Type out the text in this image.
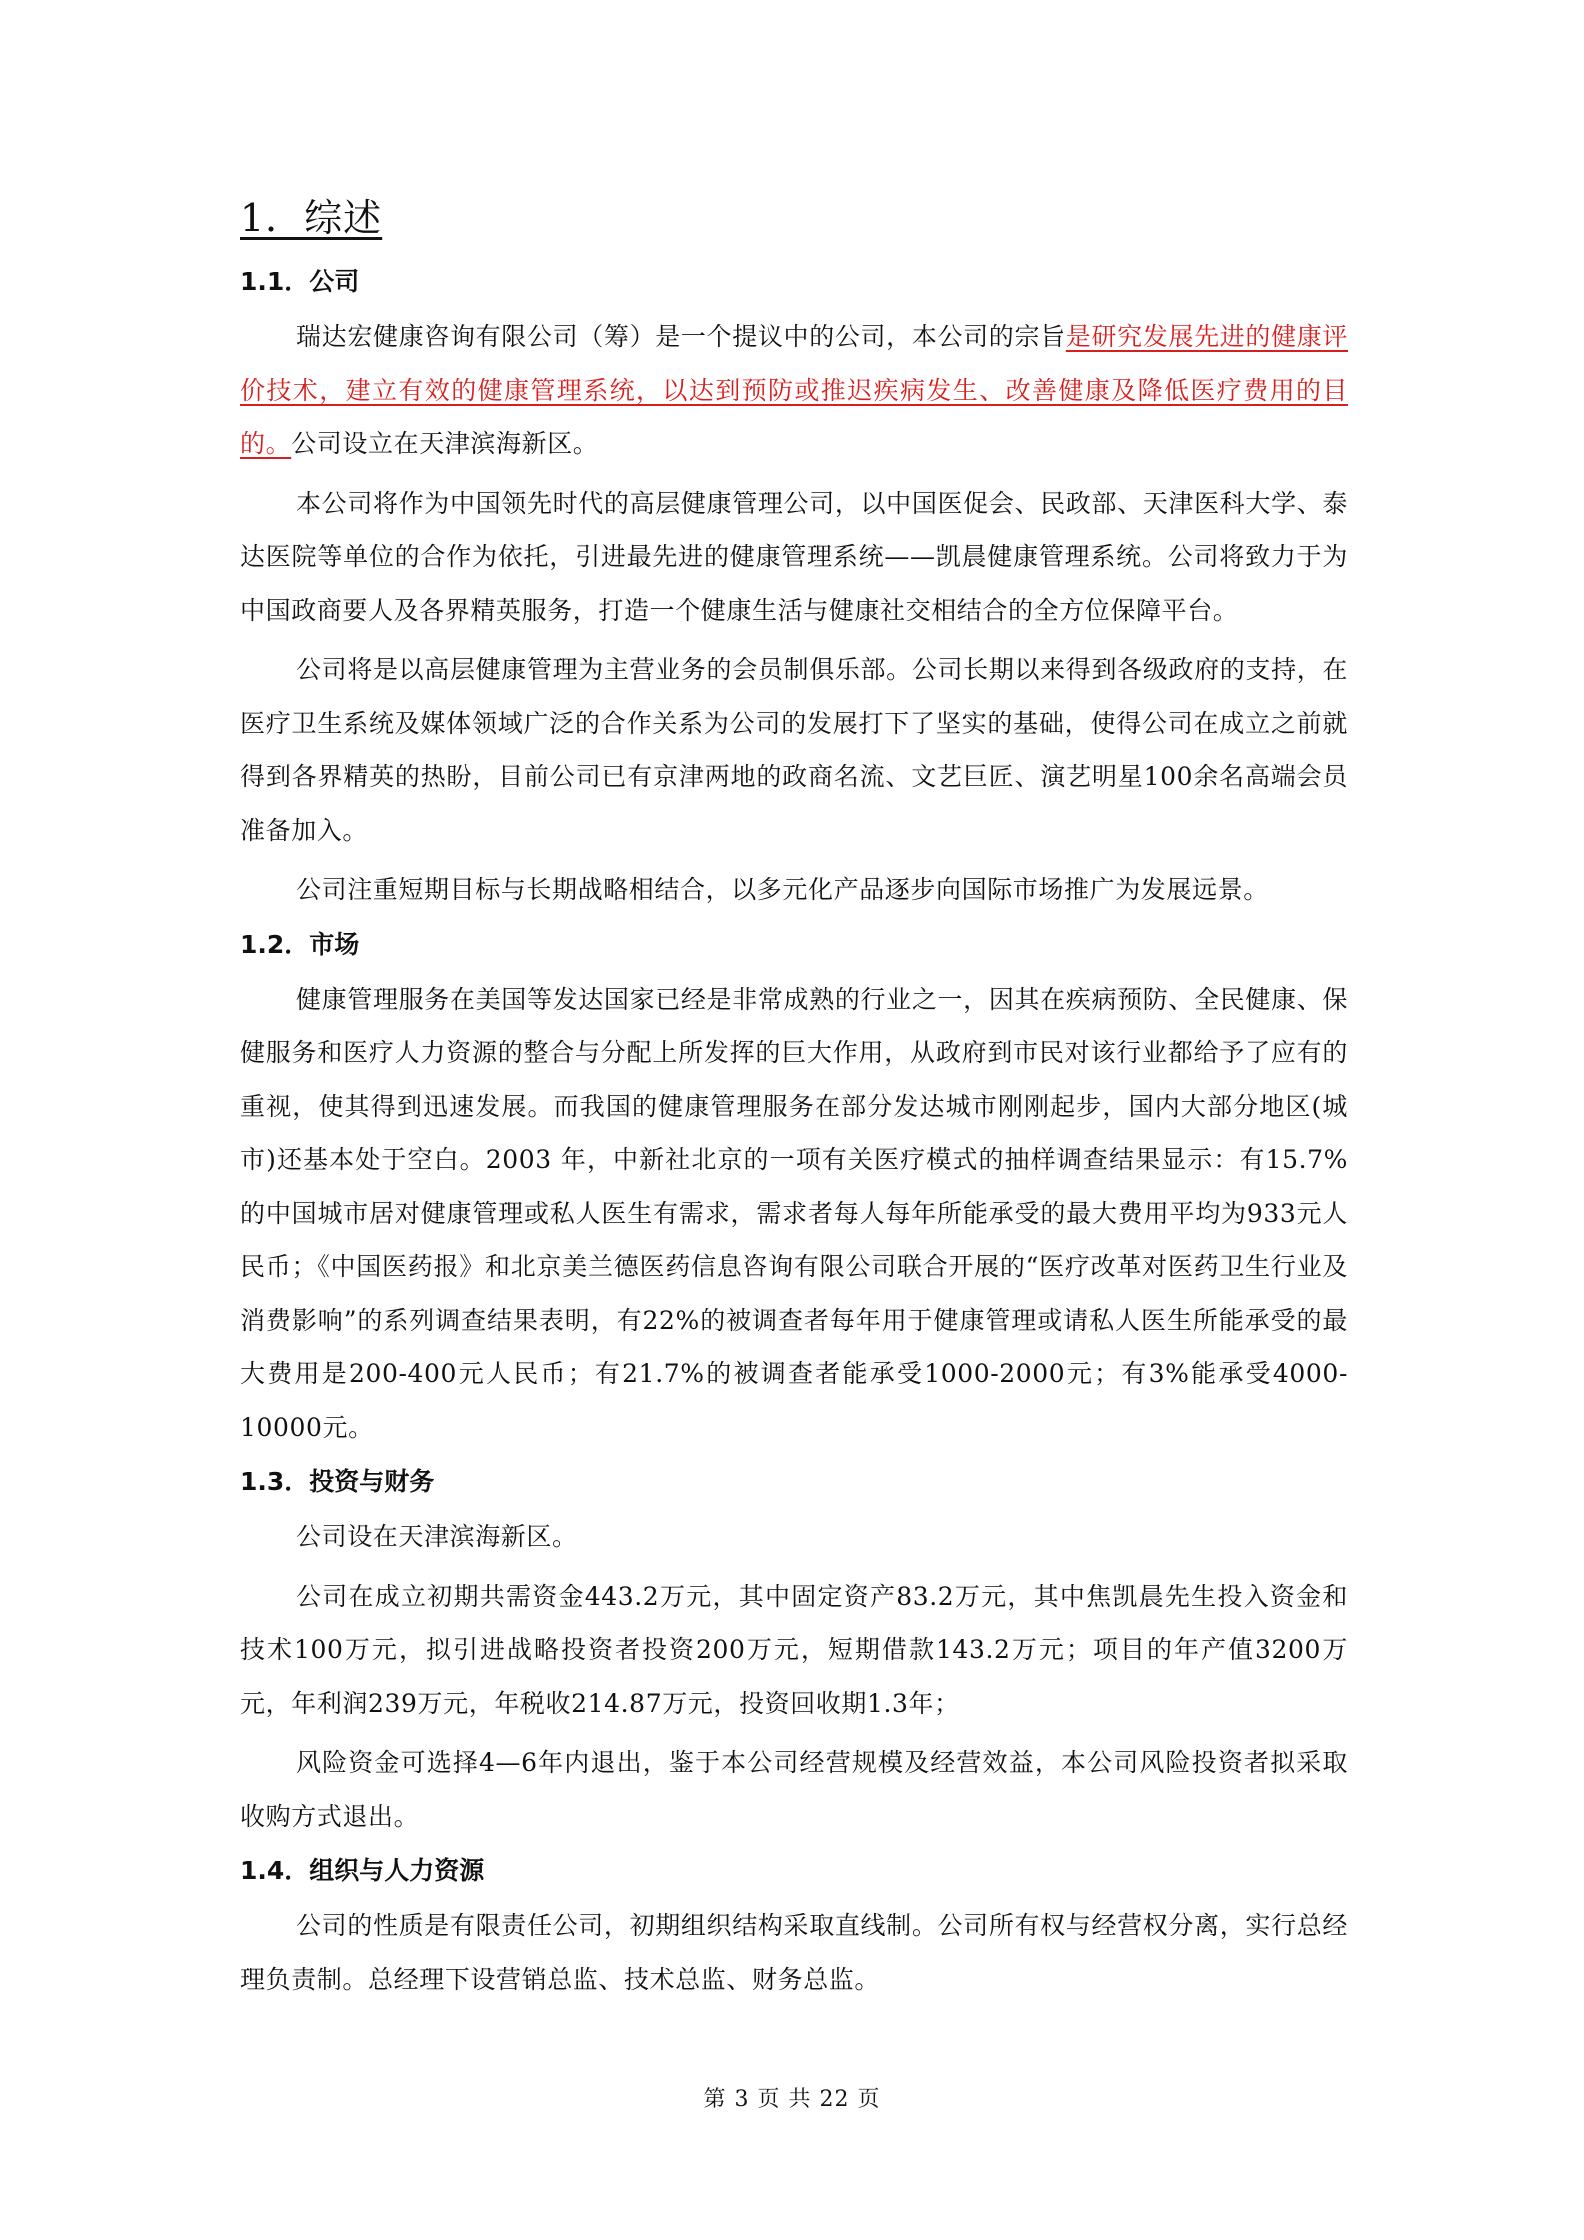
1．综述
1.1．公司

瑞达宏健康咨询有限公司（筹）是一个提议中的公司，本公司的宗旨是研究发展先进的健康评价技术，建立有效的健康管理系统，以达到预防或推迟疾病发生、改善健康及降低医疗费用的目的。公司设立在天津滨海新区。

本公司将作为中国领先时代的高层健康管理公司，以中国医促会、民政部、天津医科大学、泰达医院等单位的合作为依托，引进最先进的健康管理系统——凯晨健康管理系统。公司将致力于为中国政商要人及各界精英服务，打造一个健康生活与健康社交相结合的全方位保障平台。

公司将是以高层健康管理为主营业务的会员制俱乐部。公司长期以来得到各级政府的支持，在医疗卫生系统及媒体领域广泛的合作关系为公司的发展打下了坚实的基础，使得公司在成立之前就得到各界精英的热盼，目前公司已有京津两地的政商名流、文艺巨匠、演艺明星100余名高端会员准备加入。

公司注重短期目标与长期战略相结合，以多元化产品逐步向国际市场推广为发展远景。

1.2．市场

健康管理服务在美国等发达国家已经是非常成熟的行业之一，因其在疾病预防、全民健康、保健服务和医疗人力资源的整合与分配上所发挥的巨大作用，从政府到市民对该行业都给予了应有的重视，使其得到迅速发展。而我国的健康管理服务在部分发达城市刚刚起步，国内大部分地区(城市)还基本处于空白。2003 年，中新社北京的一项有关医疗模式的抽样调查结果显示：有15.7%的中国城市居对健康管理或私人医生有需求，需求者每人每年所能承受的最大费用平均为933元人民币；《中国医药报》和北京美兰德医药信息咨询有限公司联合开展的“医疗改革对医药卫生行业及消费影响”的系列调查结果表明，有22%的被调查者每年用于健康管理或请私人医生所能承受的最大费用是200-400元人民币；有21.7%的被调查者能承受1000-2000元；有3%能承受4000-10000元。

1.3．投资与财务

公司设在天津滨海新区。

公司在成立初期共需资金443.2万元，其中固定资产83.2万元，其中焦凯晨先生投入资金和技术100万元，拟引进战略投资者投资200万元，短期借款143.2万元；项目的年产值3200万元，年利润239万元，年税收214.87万元，投资回收期1.3年；

风险资金可选择4—6年内退出，鉴于本公司经营规模及经营效益，本公司风险投资者拟采取收购方式退出。

1.4．组织与人力资源

公司的性质是有限责任公司，初期组织结构采取直线制。公司所有权与经营权分离，实行总经理负责制。总经理下设营销总监、技术总监、财务总监。

第 3 页 共 22 页
